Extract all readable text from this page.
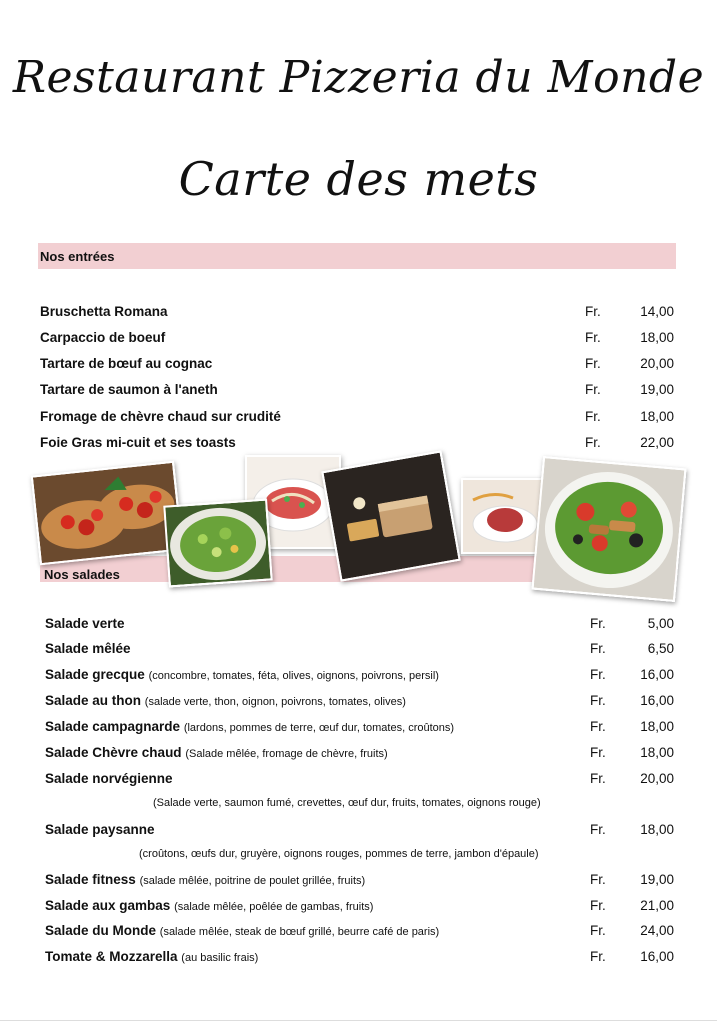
Restaurant Pizzeria du Monde
Carte des mets
Nos entrées
Bruschetta Romana	Fr.	14,00
Carpaccio de boeuf	Fr.	18,00
Tartare de bœuf au cognac	Fr.	20,00
Tartare de saumon à l'aneth	Fr.	19,00
Fromage de chèvre chaud sur crudité	Fr.	18,00
Foie Gras mi-cuit et ses toasts	Fr.	22,00
Nos salades
Salade verte	Fr.	5,00
Salade mêlée	Fr.	6,50
Salade grecque (concombre, tomates, féta, olives, oignons, poivrons, persil)	Fr.	16,00
Salade au thon (salade verte, thon, oignon, poivrons, tomates, olives)	Fr.	16,00
Salade campagnarde (lardons, pommes de terre, œuf dur, tomates, croûtons)	Fr.	18,00
Salade Chèvre chaud (Salade mêlée, fromage de chèvre, fruits)	Fr.	18,00
Salade norvégienne	Fr.	20,00
(Salade verte, saumon fumé, crevettes, œuf dur, fruits, tomates, oignons rouge)
Salade paysanne	Fr.	18,00
(croûtons, œufs dur, gruyère, oignons rouges, pommes de terre, jambon d'épaule)
Salade fitness (salade mêlée, poitrine de poulet grillée, fruits)	Fr.	19,00
Salade aux gambas (salade mêlée, poêlée de gambas, fruits)	Fr.	21,00
Salade du Monde (salade mêlée, steak de bœuf grillé, beurre café de paris)	Fr.	24,00
Tomate & Mozzarella (au basilic frais)	Fr.	16,00
